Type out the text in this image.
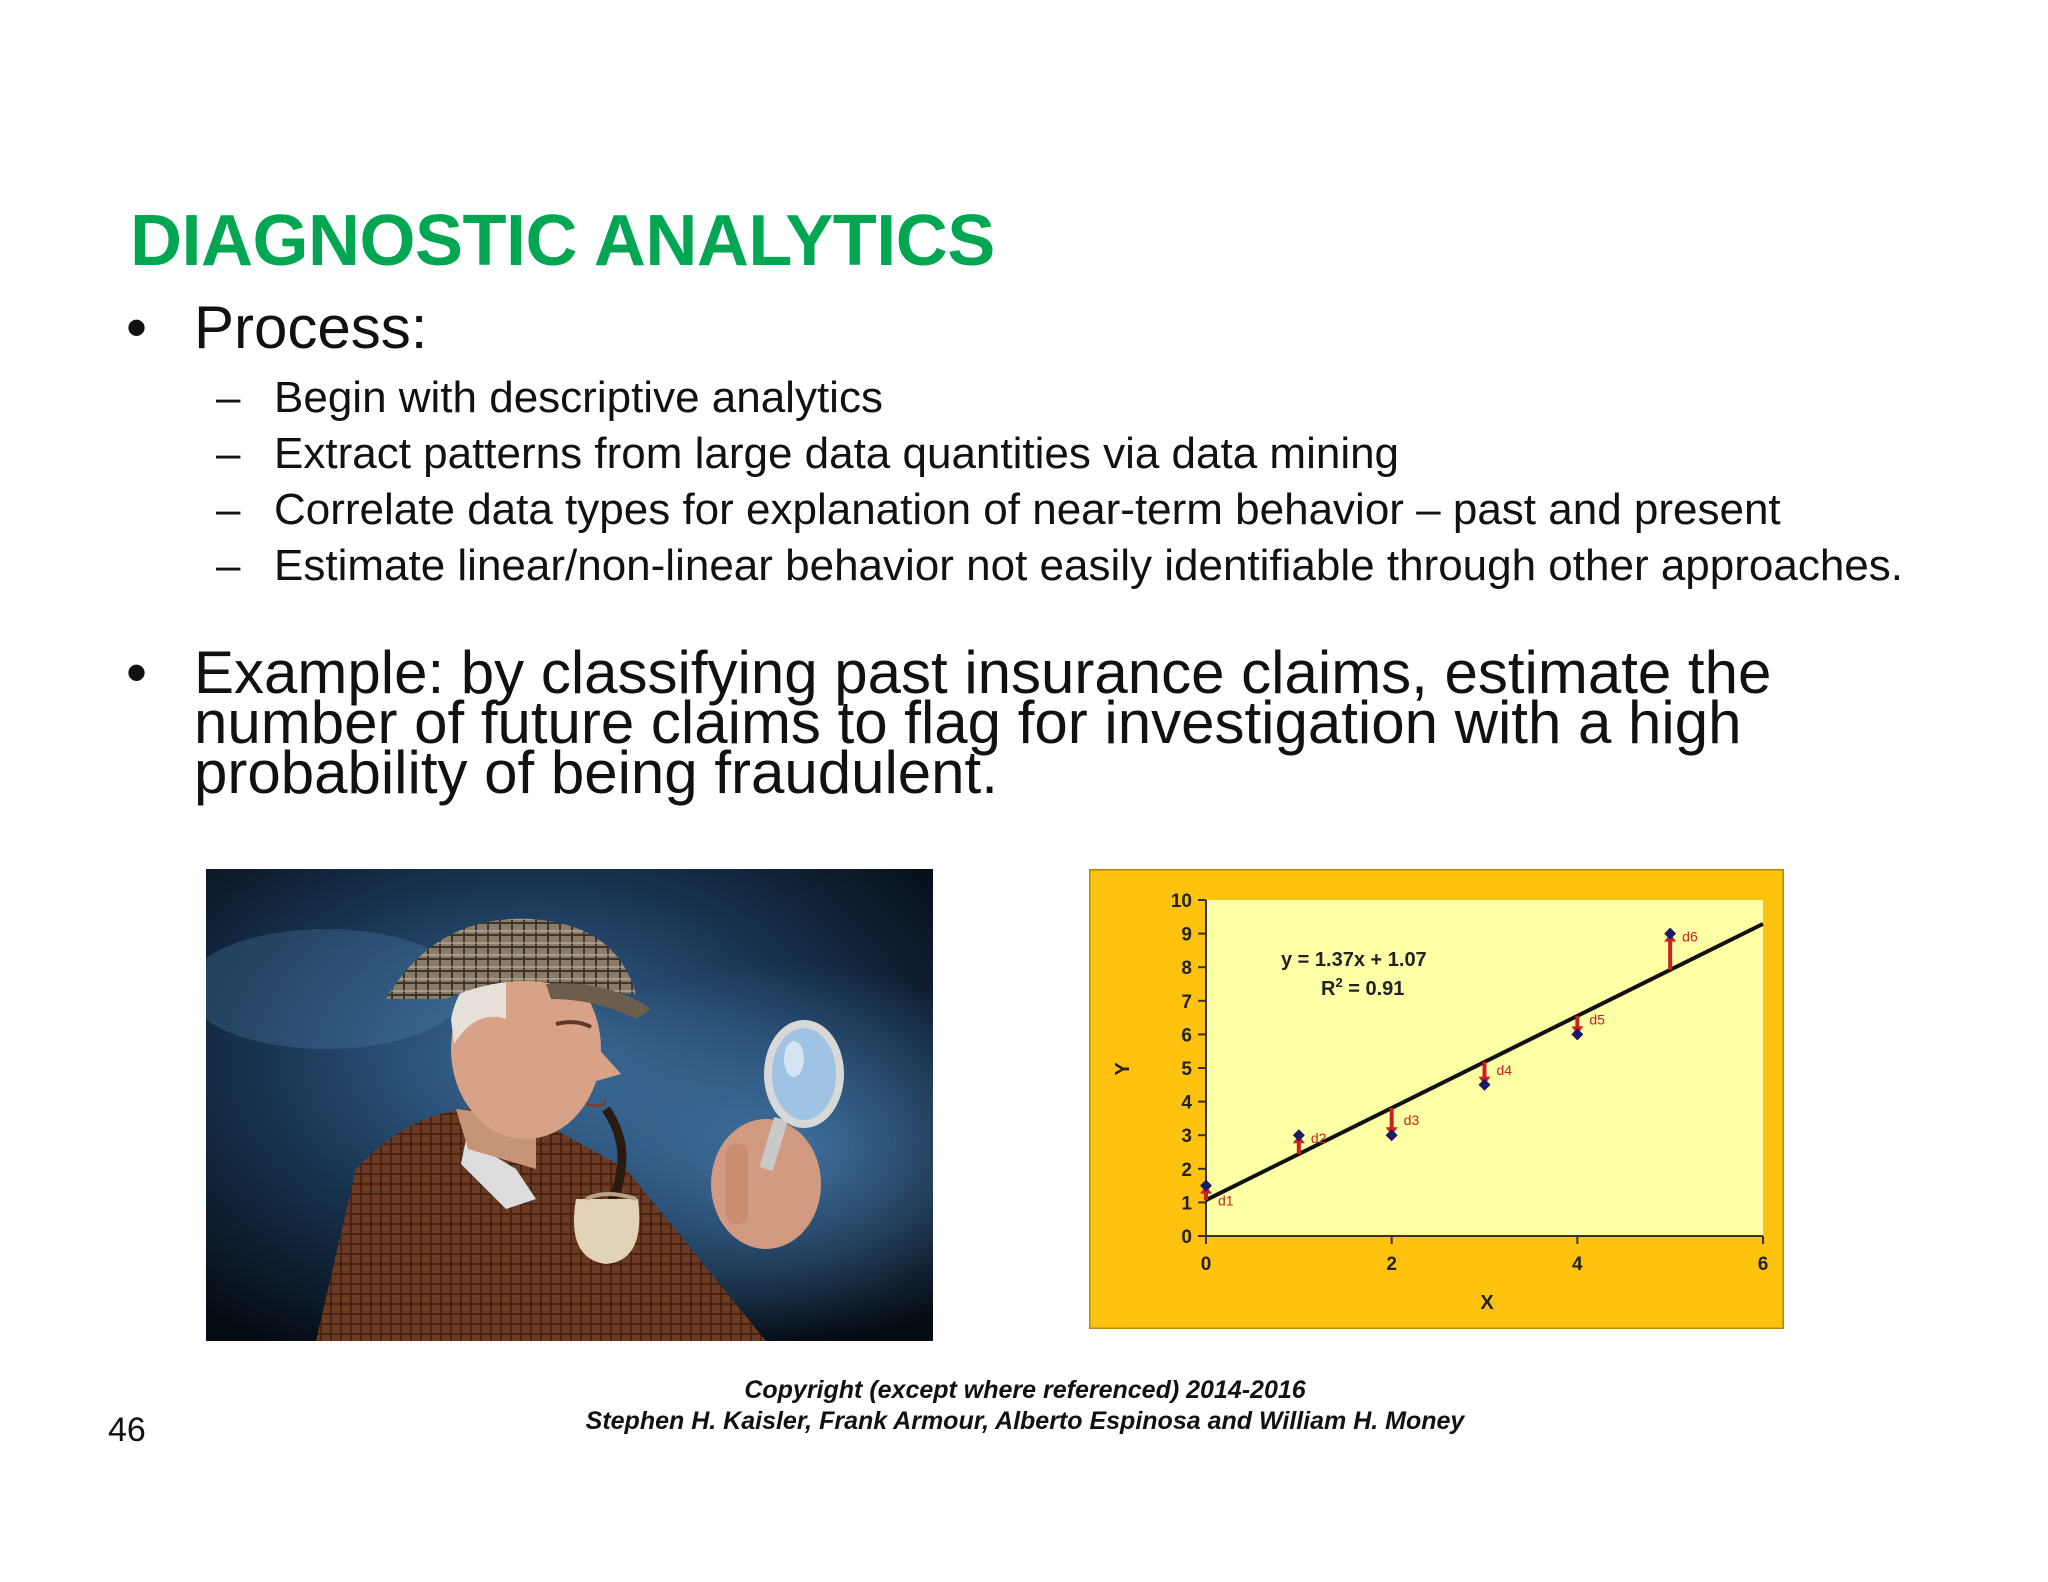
DIAGNOSTIC ANALYTICS
• Process:
– Begin with descriptive analytics
– Extract patterns from large data quantities via data mining
– Correlate data types for explanation of near-term behavior – past and present
– Estimate linear/non-linear behavior not easily identifiable through other approaches.
• Example: by classifying past insurance claims, estimate the number of future claims to flag for investigation with a high probability of being fraudulent.
0
1
2
3
4
5
6
7
8
9
10
0	2	4	6
d1
d2
d3
d4
d5
d6
y = 1.37x + 1.07
$R^2 = 0.91$
X
Y
Copyright (except where referenced) 2014-2016
Stephen H. Kaisler, Frank Armour, Alberto Espinosa and William H. Money
46
